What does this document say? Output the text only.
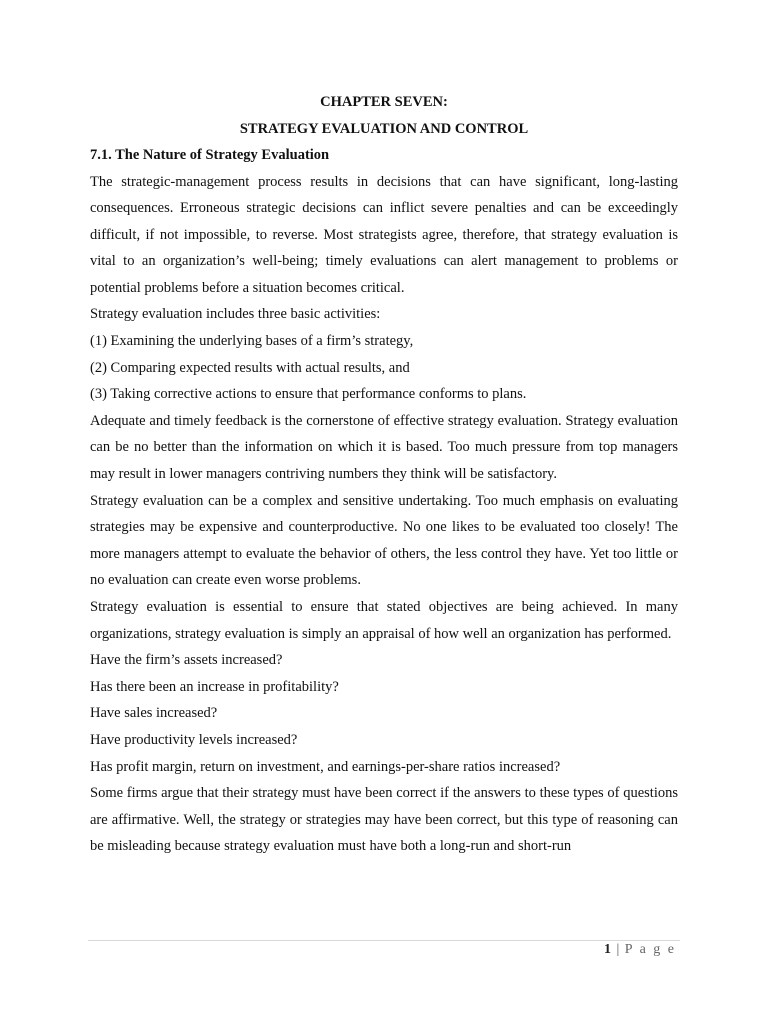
CHAPTER SEVEN:

STRATEGY EVALUATION AND CONTROL

7.1. The Nature of Strategy Evaluation

The strategic-management process results in decisions that can have significant, long-lasting consequences. Erroneous strategic decisions can inflict severe penalties and can be exceedingly difficult, if not impossible, to reverse. Most strategists agree, therefore, that strategy evaluation is vital to an organization’s well-being; timely evaluations can alert management to problems or potential problems before a situation becomes critical.

Strategy evaluation includes three basic activities:

(1) Examining the underlying bases of a firm’s strategy,

(2) Comparing expected results with actual results, and

(3) Taking corrective actions to ensure that performance conforms to plans.

Adequate and timely feedback is the cornerstone of effective strategy evaluation. Strategy evaluation can be no better than the information on which it is based. Too much pressure from top managers may result in lower managers contriving numbers they think will be satisfactory.

Strategy evaluation can be a complex and sensitive undertaking. Too much emphasis on evaluating strategies may be expensive and counterproductive. No one likes to be evaluated too closely! The more managers attempt to evaluate the behavior of others, the less control they have. Yet too little or no evaluation can create even worse problems.

Strategy evaluation is essential to ensure that stated objectives are being achieved. In many organizations, strategy evaluation is simply an appraisal of how well an organization has performed.

Have the firm’s assets increased?

Has there been an increase in profitability?

Have sales increased?

Have productivity levels increased?

Has profit margin, return on investment, and earnings-per-share ratios increased?

Some firms argue that their strategy must have been correct if the answers to these types of questions are affirmative. Well, the strategy or strategies may have been correct, but this type of reasoning can be misleading because strategy evaluation must have both a long-run and short-run

1 | P a g e
